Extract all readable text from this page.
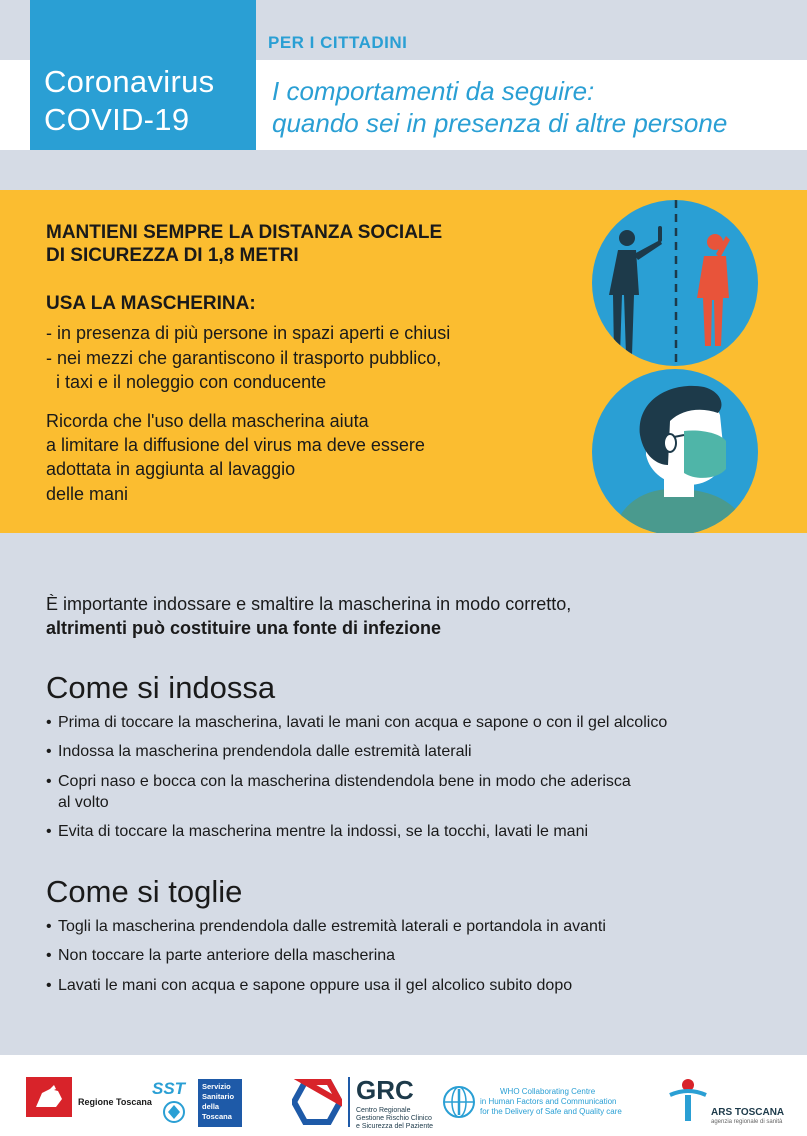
Coronavirus
COVID-19
PER I CITTADINI
I comportamenti da seguire:
quando sei in presenza di altre persone
MANTIENI SEMPRE LA DISTANZA SOCIALE
DI SICUREZZA DI 1,8 METRI
USA LA MASCHERINA:
- in presenza di più persone in spazi aperti e chiusi
- nei mezzi che garantiscono il trasporto pubblico,
i taxi e il noleggio con conducente
Ricorda che l'uso della mascherina aiuta
a limitare la diffusione del virus ma deve essere
adottata in aggiunta al lavaggio
delle mani
È importante indossare e smaltire la mascherina in modo corretto,
altrimenti può costituire una fonte di infezione
Come si indossa
• Prima di toccare la mascherina, lavati le mani con acqua e sapone o con il gel alcolico
• Indossa la mascherina prendendola dalle estremità laterali
• Copri naso e bocca con la mascherina distendendola bene in modo che aderisca
al volto
• Evita di toccare la mascherina mentre la indossi, se la tocchi, lavati le mani
Come si toglie
• Togli la mascherina prendendola dalle estremità laterali e portandola in avanti
• Non toccare la parte anteriore della mascherina
• Lavati le mani con acqua e sapone oppure usa il gel alcolico subito dopo
Regione Toscana
SST Servizio
Sanitario
della
Toscana
GRC
Centro Regionale
Gestione Rischio Clinico
e Sicurezza del Paziente
WHO Collaborating Centre
in Human Factors and Communication
for the Delivery of Safe and Quality care	ARS TOSCANA
agenzia regionale di sanità
